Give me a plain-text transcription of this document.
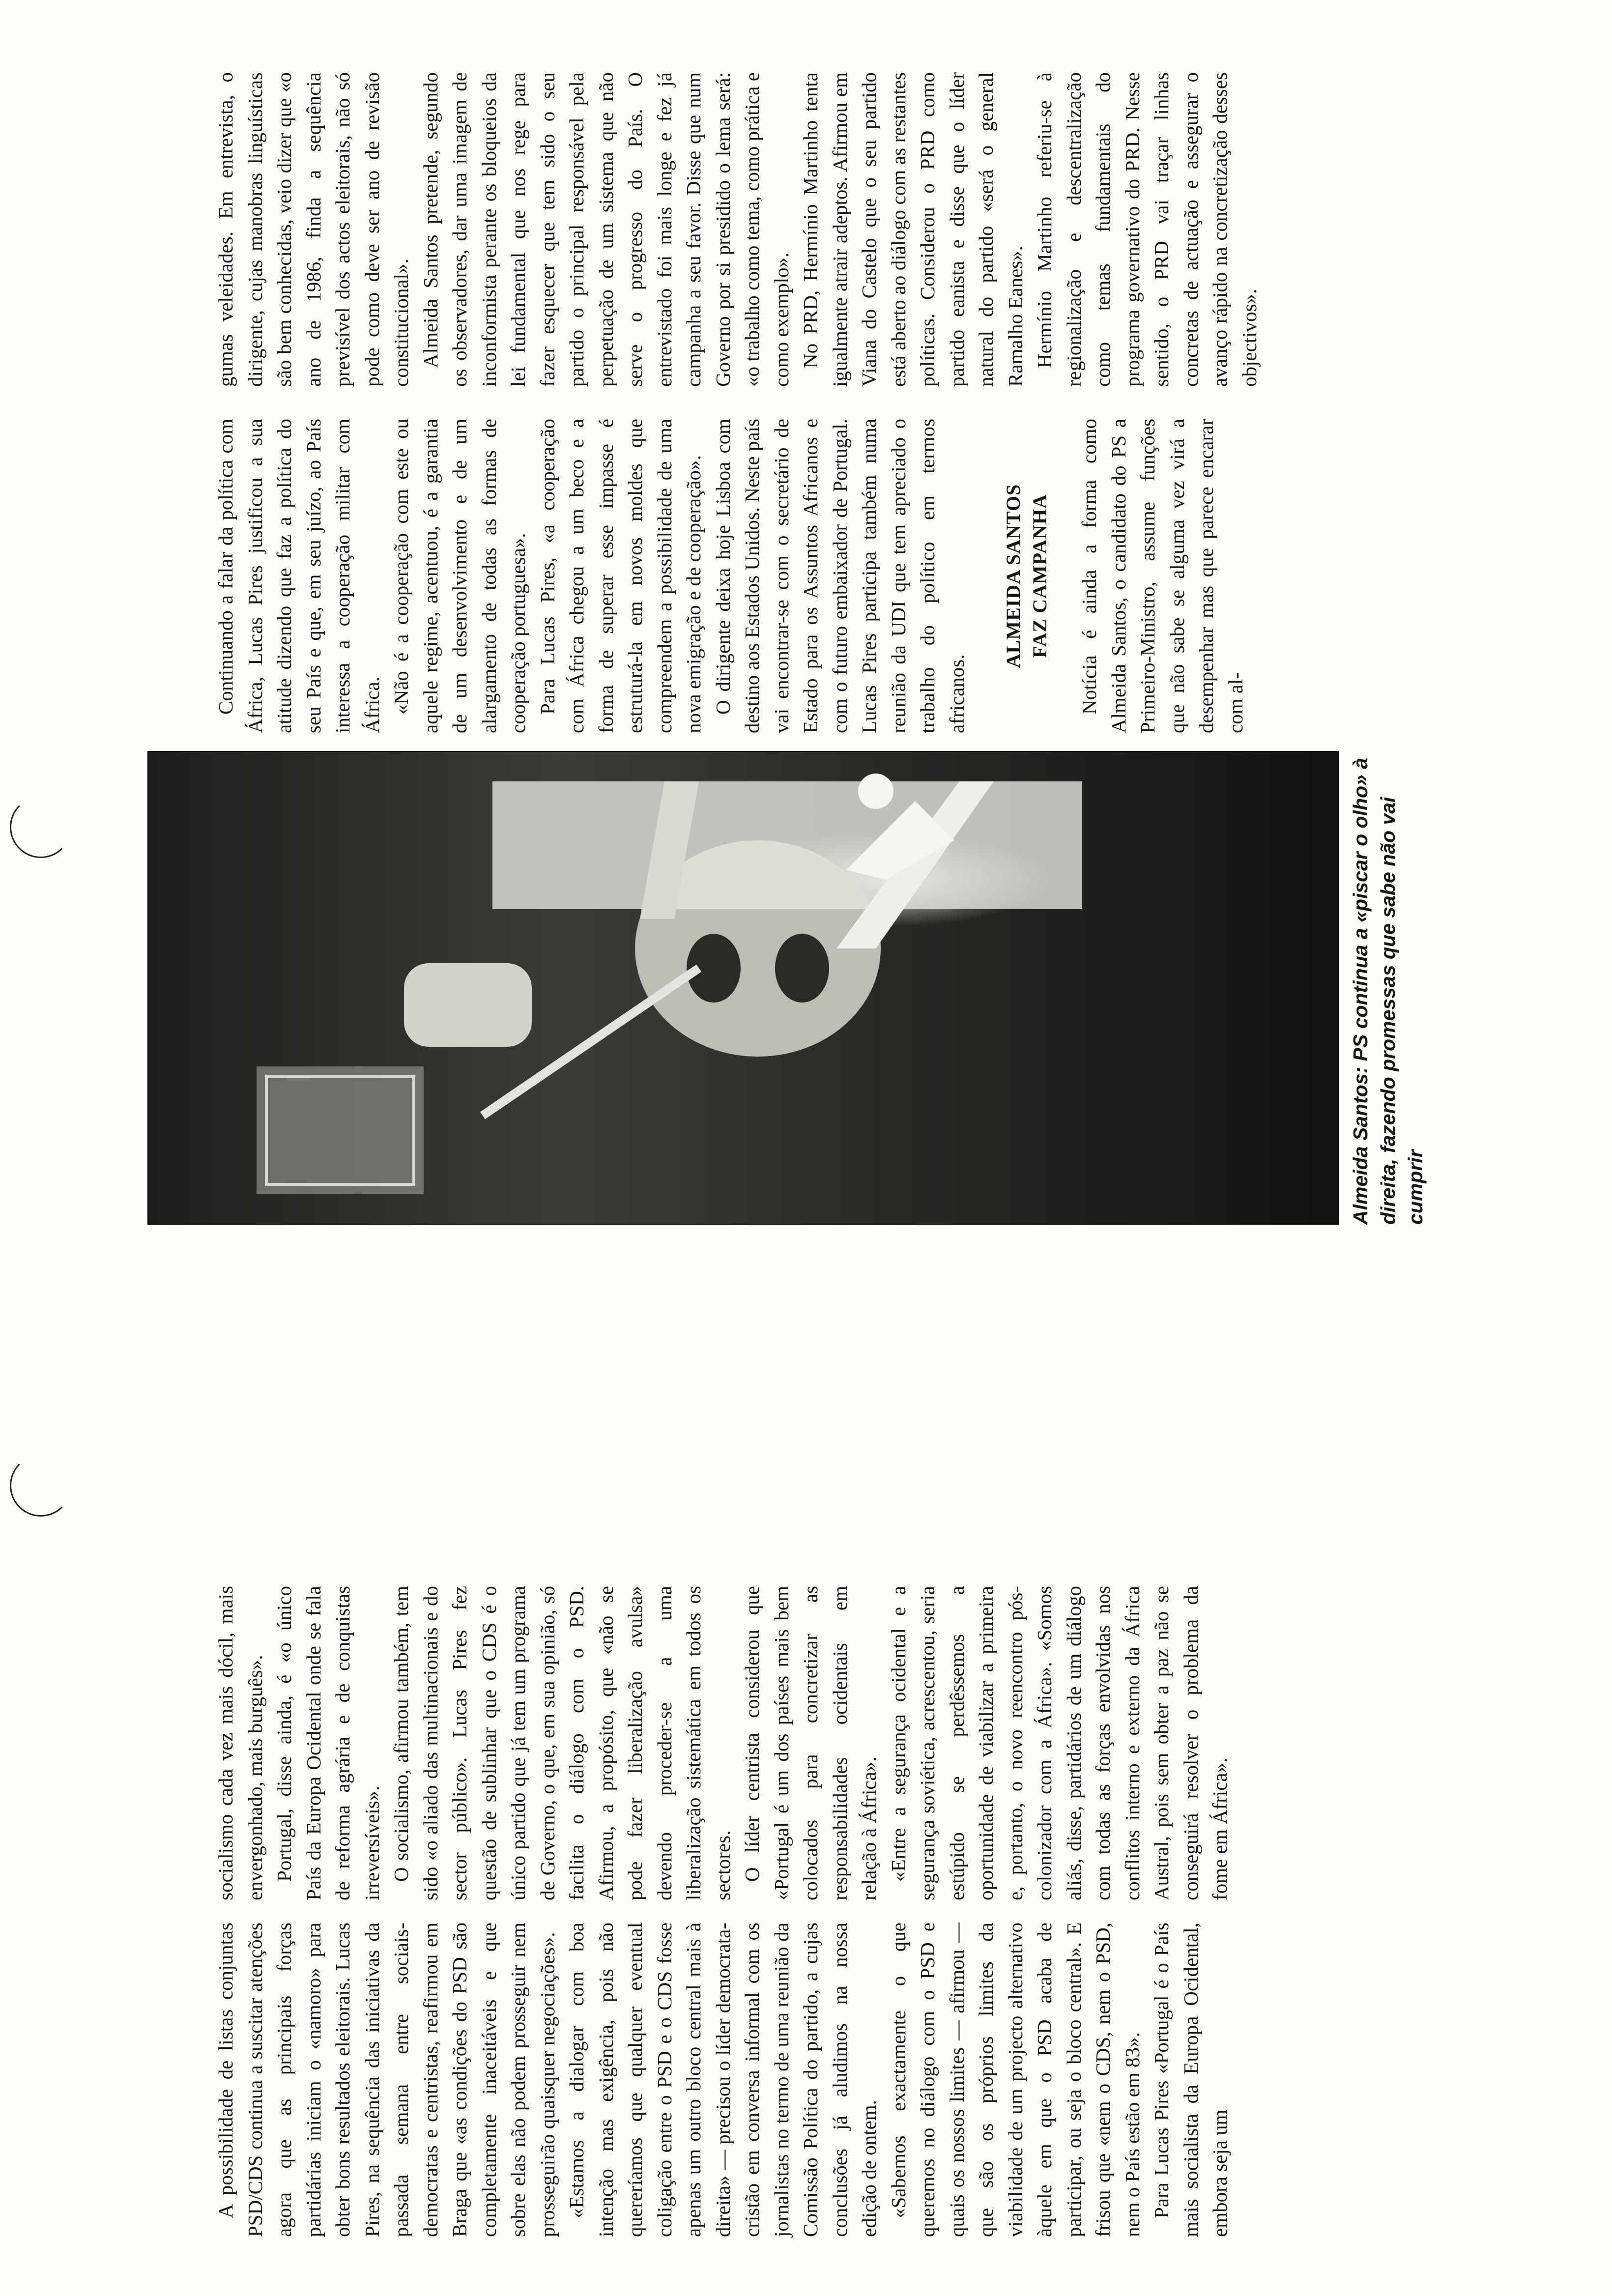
A possibilidade de listas conjuntas PSD/CDS continua a suscitar atenções agora que as principais forças partidárias iniciam o «namoro» para obter bons resultados eleitorais. Lucas Pires, na sequência das iniciativas da passada semana entre sociais-democratas e centristas, reafirmou em Braga que «as condições do PSD são completamente inaceitáveis e que sobre elas não podem prosseguir nem prosseguirão quaisquer negociações». «Estamos a dialogar com boa intenção mas exigência, pois não quereríamos que qualquer eventual coligação entre o PSD e o CDS fosse apenas um outro bloco central mais à direita» — precisou o líder democrata-cristão em conversa informal com os jornalistas no termo de uma reunião da Comissão Política do partido, a cujas conclusões já aludimos na nossa edição de ontem. «Sabemos exactamente o que queremos no diálogo com o PSD e quais os nossos limites — afirmou — que são os próprios limites da viabilidade de um projecto alternativo àquele em que o PSD acaba de participar, ou seja o bloco central». E frisou que «nem o CDS, nem o PSD, nem o País estão em 83». Para Lucas Pires «Portugal é o País mais socialista da Europa Ocidental, embora seja um

socialismo cada vez mais dócil, mais envergonhado, mais burguês». Portugal, disse ainda, é «o único País da Europa Ocidental onde se fala de reforma agrária e de conquistas irreversíveis». O socialismo, afirmou também, tem sido «o aliado das multinacionais e do sector público». Lucas Pires fez questão de sublinhar que o CDS é o único partido que já tem um programa de Governo, o que, em sua opinião, só facilita o diálogo com o PSD. Afirmou, a propósito, que «não se pode fazer liberalização avulsa» devendo proceder-se a uma liberalização sistemática em todos os sectores. O líder centrista considerou que «Portugal é um dos países mais bem colocados para concretizar as responsabilidades ocidentais em relação à África». «Entre a segurança ocidental e a segurança soviética, acrescentou, seria estúpido se perdêssemos a oportunidade de viabilizar a primeira e, portanto, o novo reencontro pós-colonizador com a África». «Somos aliás, disse, partidários de um diálogo com todas as forças envolvidas nos conflitos interno e externo da África Austral, pois sem obter a paz não se conseguirá resolver o problema da fome em África».

Almeida Santos: PS continua a «piscar o olho» à direita, fazendo promessas que sabe não vai cumprir

Continuando a falar da política com África, Lucas Pires justificou a sua atitude dizendo que faz a política do seu País e que, em seu juízo, ao País interessa a cooperação militar com África. «Não é a cooperação com este ou aquele regime, acentuou, é a garantia de um desenvolvimento e de um alargamento de todas as formas de cooperação portuguesa». Para Lucas Pires, «a cooperação com África chegou a um beco e a forma de superar esse impasse é estruturá-la em novos moldes que compreendem a possibilidade de uma nova emigração e de cooperação». O dirigente deixa hoje Lisboa com destino aos Estados Unidos. Neste país vai encontrar-se com o secretário de Estado para os Assuntos Africanos e com o futuro embaixador de Portugal. Lucas Pires participa também numa reunião da UDI que tem apreciado o trabalho do político em termos africanos.

ALMEIDA SANTOS FAZ CAMPANHA Notícia é ainda a forma como Almeida Santos, o candidato do PS a Primeiro-Ministro, assume funções que não sabe se alguma vez virá a desempenhar mas que parece encarar com al-

gumas veleidades. Em entrevista, o dirigente, cujas manobras linguísticas são bem conhecidas, veio dizer que «o ano de 1986, finda a sequência previsível dos actos eleitorais, não só pode como deve ser ano de revisão constitucional». Almeida Santos pretende, segundo os observadores, dar uma imagem de inconformista perante os bloqueios da lei fundamental que nos rege para fazer esquecer que tem sido o seu partido o principal responsável pela perpetuação de um sistema que não serve o progresso do País. O entrevistado foi mais longe e fez já campanha a seu favor. Disse que num Governo por si presidido o lema será: «o trabalho como tema, como prática e como exemplo». No PRD, Hermínio Martinho tenta igualmente atrair adeptos. Afirmou em Viana do Castelo que o seu partido está aberto ao diálogo com as restantes políticas. Considerou o PRD como partido eanista e disse que o líder natural do partido «será o general Ramalho Eanes». Hermínio Martinho referiu-se à regionalização e descentralização como temas fundamentais do programa governativo do PRD. Nesse sentido, o PRD vai traçar linhas concretas de actuação e assegurar o avanço rápido na concretização desses objectivos».
